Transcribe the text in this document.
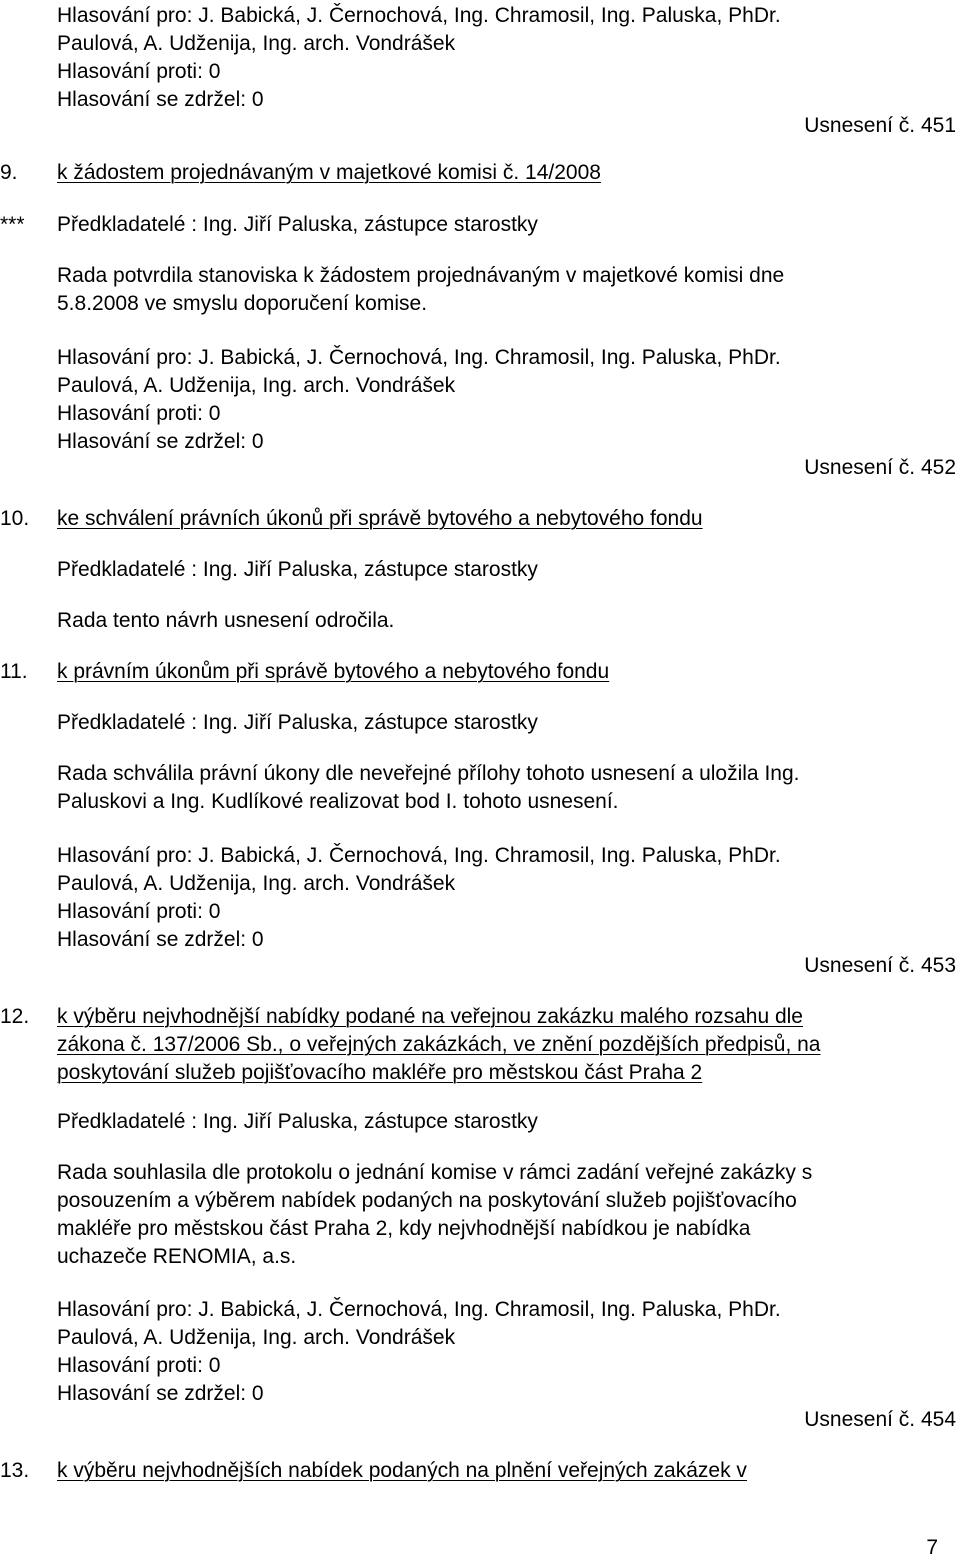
Hlasování pro: J. Babická, J. Černochová, Ing. Chramosil, Ing. Paluska, PhDr.
Paulová, A. Udženija, Ing. arch. Vondrášek
Hlasování proti: 0
Hlasování se zdržel: 0
Usnesení č. 451
9. k žádostem projednávaným v majetkové komisi č. 14/2008
*** Předkladatelé : Ing. Jiří Paluska, zástupce starostky
Rada potvrdila stanoviska k žádostem projednávaným v majetkové komisi dne
5.8.2008 ve smyslu doporučení komise.
Hlasování pro: J. Babická, J. Černochová, Ing. Chramosil, Ing. Paluska, PhDr.
Paulová, A. Udženija, Ing. arch. Vondrášek
Hlasování proti: 0
Hlasování se zdržel: 0
Usnesení č. 452
10. ke schválení právních úkonů při správě bytového a nebytového fondu
Předkladatelé : Ing. Jiří Paluska, zástupce starostky
Rada tento návrh usnesení odročila.
11. k právním úkonům při správě bytového a nebytového fondu
Předkladatelé : Ing. Jiří Paluska, zástupce starostky
Rada schválila právní úkony dle neveřejné přílohy tohoto usnesení a uložila Ing.
Paluskovi a Ing. Kudlíkové realizovat bod I. tohoto usnesení.
Hlasování pro: J. Babická, J. Černochová, Ing. Chramosil, Ing. Paluska, PhDr.
Paulová, A. Udženija, Ing. arch. Vondrášek
Hlasování proti: 0
Hlasování se zdržel: 0
Usnesení č. 453
12. k výběru nejvhodnější nabídky podané na veřejnou zakázku malého rozsahu dle
zákona č. 137/2006 Sb., o veřejných zakázkách, ve znění pozdějších předpisů, na
poskytování služeb pojišťovacího makléře pro městskou část Praha 2
Předkladatelé : Ing. Jiří Paluska, zástupce starostky
Rada souhlasila dle protokolu o jednání komise v rámci zadání veřejné zakázky s
posouzením a výběrem nabídek podaných na poskytování služeb pojišťovacího
makléře pro městskou část Praha 2, kdy nejvhodnější nabídkou je nabídka
uchazeče RENOMIA, a.s.
Hlasování pro: J. Babická, J. Černochová, Ing. Chramosil, Ing. Paluska, PhDr.
Paulová, A. Udženija, Ing. arch. Vondrášek
Hlasování proti: 0
Hlasování se zdržel: 0
Usnesení č. 454
13. k výběru nejvhodnějších nabídek podaných na plnění veřejných zakázek v
7
